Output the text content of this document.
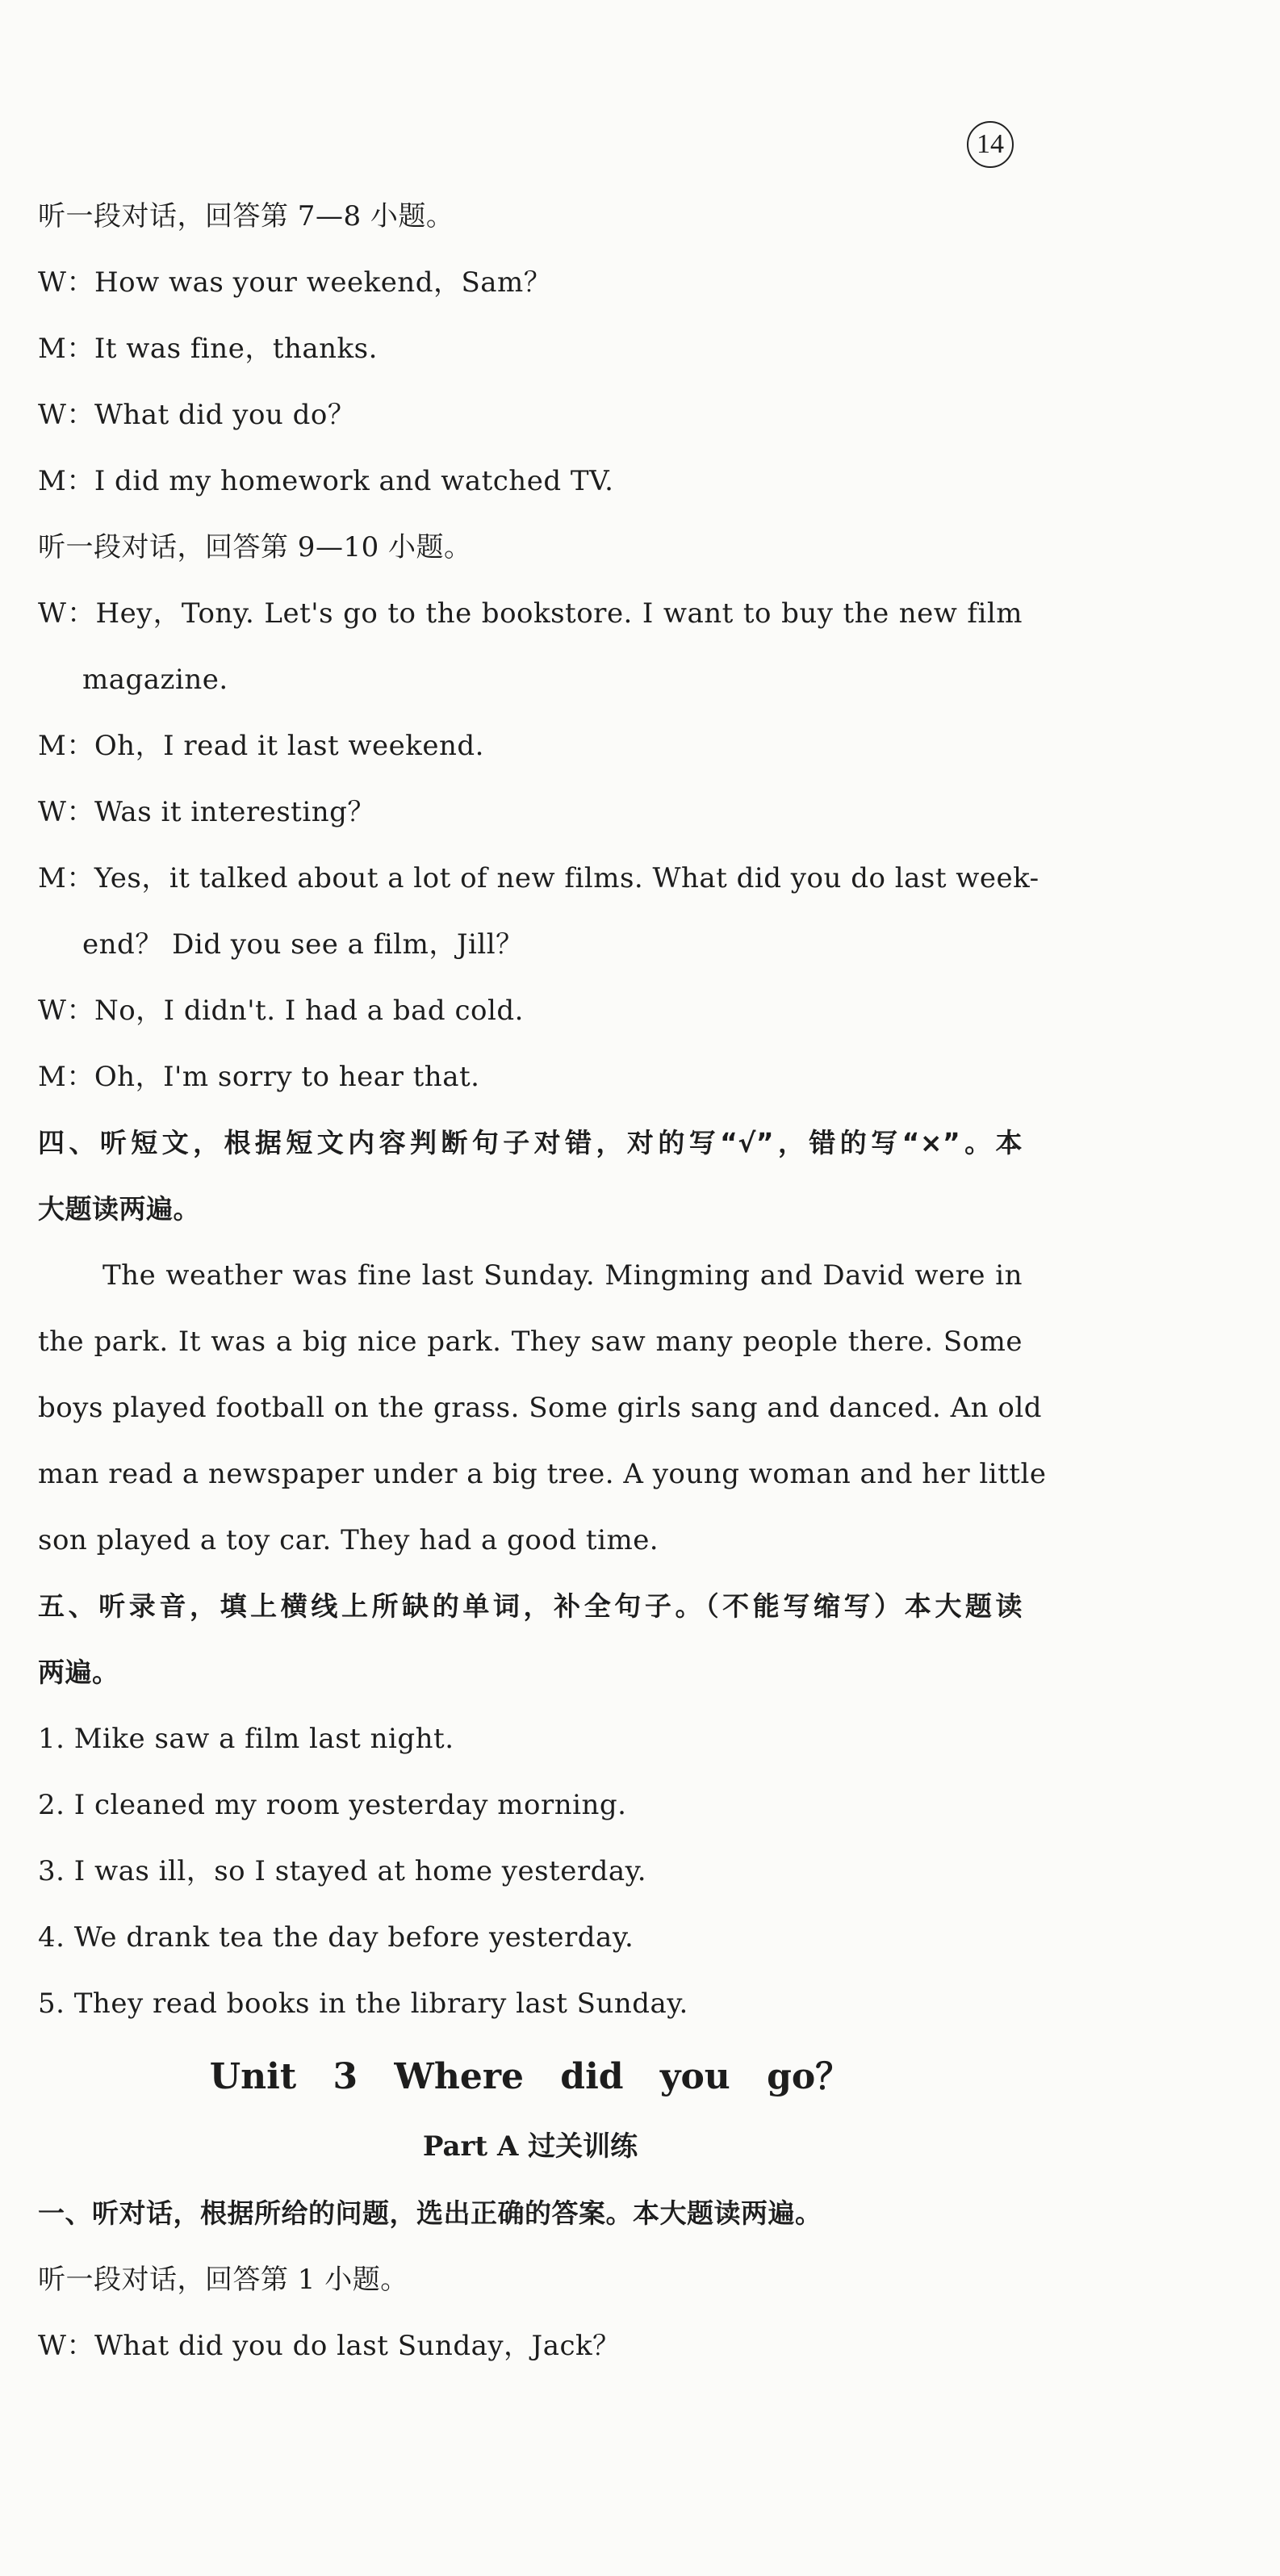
14
听一段对话，回答第 7—8 小题。
W：How was your weekend，Sam？
M：It was fine，thanks.
W：What did you do？
M：I did my homework and watched TV.
听一段对话，回答第 9—10 小题。
W：Hey，Tony. Let's go to the bookstore. I want to buy the new film
magazine.
M：Oh，I read it last weekend.
W：Was it interesting？
M：Yes，it talked about a lot of new films. What did you do last week-
end？ Did you see a film，Jill？
W：No，I didn't. I had a bad cold.
M：Oh，I'm sorry to hear that.
四、听短文，根据短文内容判断句子对错，对的写“√”，错的写“×”。本
大题读两遍。
The weather was fine last Sunday. Mingming and David were in
the park. It was a big nice park. They saw many people there. Some
boys played football on the grass. Some girls sang and danced. An old
man read a newspaper under a big tree. A young woman and her little
son played a toy car. They had a good time.
五、听录音，填上横线上所缺的单词，补全句子。（不能写缩写）本大题读
两遍。
1. Mike saw a film last night.
2. I cleaned my room yesterday morning.
3. I was ill，so I stayed at home yesterday.
4. We drank tea the day before yesterday.
5. They read books in the library last Sunday.
Unit 3 Where did you go？
Part A 过关训练
一、听对话，根据所给的问题，选出正确的答案。本大题读两遍。
听一段对话，回答第 1 小题。
W：What did you do last Sunday，Jack？
